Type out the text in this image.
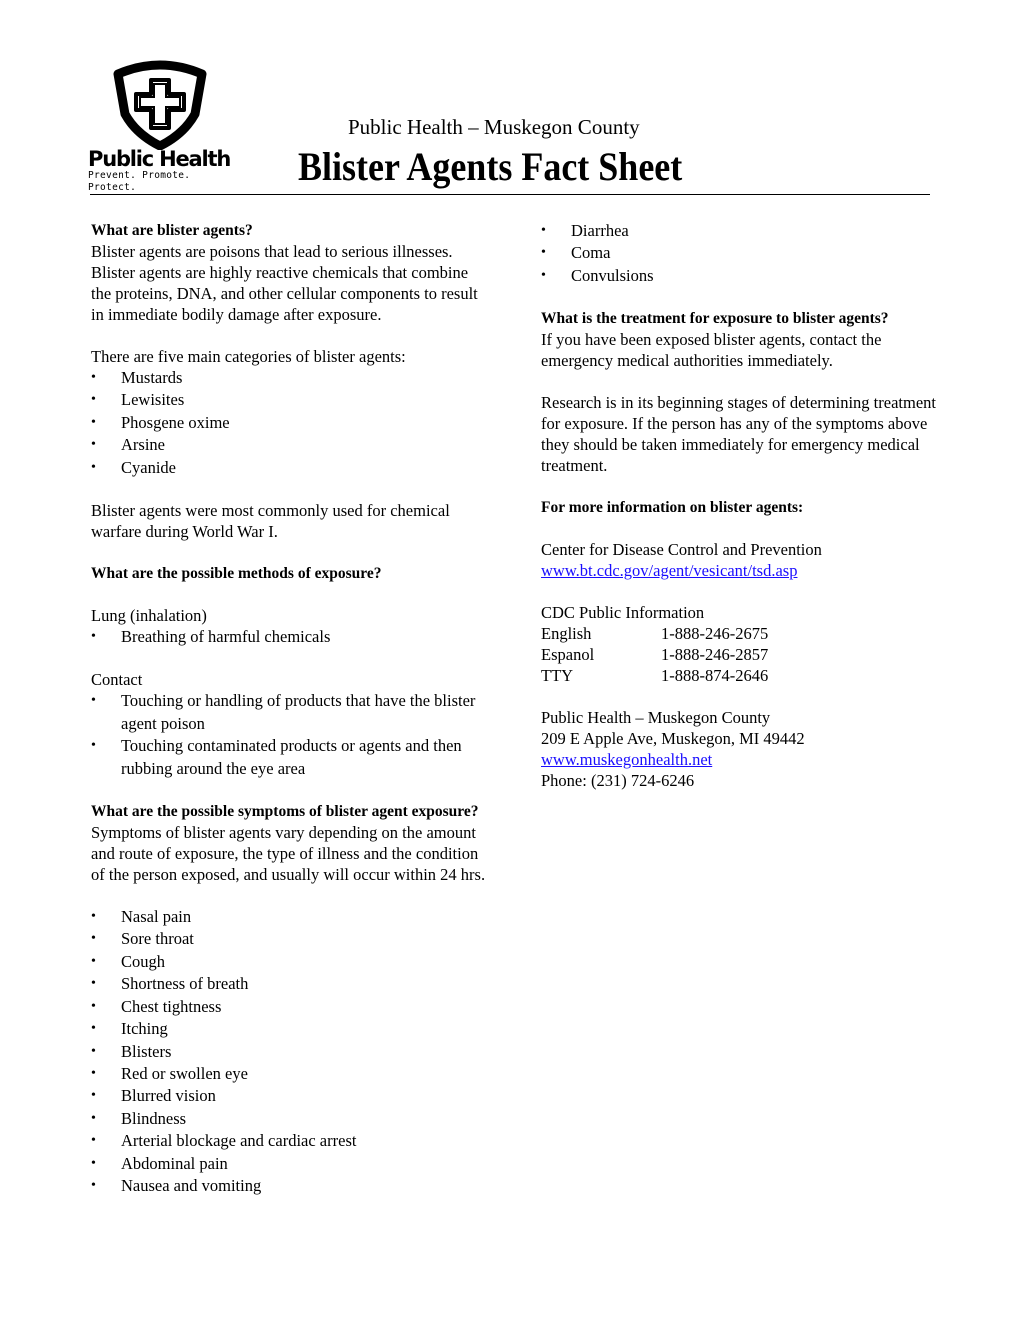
Public Health
Prevent. Promote. Protect.
Public Health – Muskegon County
Blister Agents Fact Sheet

What are blister agents?

Blister agents are poisons that lead to serious illnesses. Blister agents are highly reactive chemicals that combine the proteins, DNA, and other cellular components to result in immediate bodily damage after exposure.

There are five main categories of blister agents:

• Mustards
• Lewisites
• Phosgene oxime
• Arsine
• Cyanide

Blister agents were most commonly used for chemical warfare during World War I.

What are the possible methods of exposure?

Lung (inhalation)

• Breathing of harmful chemicals

Contact

• Touching or handling of products that have the blister agent poison
• Touching contaminated products or agents and then rubbing around the eye area

What are the possible symptoms of blister agent exposure?

Symptoms of blister agents vary depending on the amount and route of exposure, the type of illness and the condition of the person exposed, and usually will occur within 24 hrs.

• Nasal pain
• Sore throat
• Cough
• Shortness of breath
• Chest tightness
• Itching
• Blisters
• Red or swollen eye
• Blurred vision
• Blindness
• Arterial blockage and cardiac arrest
• Abdominal pain
• Nausea and vomiting
• Diarrhea
• Coma
• Convulsions

What is the treatment for exposure to blister agents?

If you have been exposed blister agents, contact the emergency medical authorities immediately.

Research is in its beginning stages of determining treatment for exposure. If the person has any of the symptoms above they should be taken immediately for emergency medical treatment.

For more information on blister agents:

Center for Disease Control and Prevention

www.bt.cdc.gov/agent/vesicant/tsd.asp

CDC Public Information

English	1-888-246-2675
Espanol	1-888-246-2857
TTY	1-888-874-2646

Public Health – Muskegon County

209 E Apple Ave, Muskegon, MI 49442

www.muskegonhealth.net

Phone: (231) 724-6246
